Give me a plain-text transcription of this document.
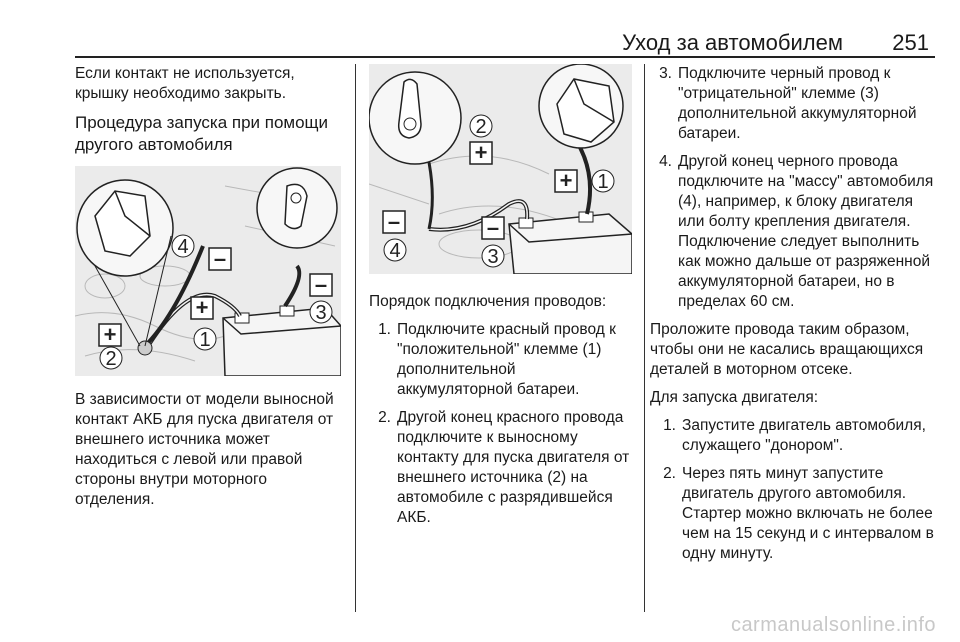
Уход за автомобилем 251

Если контакт не используется, крышку необходимо закрыть.

Процедура запуска при помощи другого автомобиля
4
3
2
1
–
–
+
+

В зависимости от модели выносной контакт АКБ для пуска двигателя от внешнего источника может находиться с левой или правой стороны внутри моторного отделения.

2
1
4	3
+
+
–	–

Порядок подключения проводов:

1. Подключите красный провод к "положительной" клемме (1) дополнительной аккумуляторной батареи.
2. Другой конец красного провода подключите к выносному контакту для пуска двигателя от внешнего источника (2) на автомобиле с разрядившейся АКБ.
3. Подключите черный провод к "отрицательной" клемме (3) дополнительной аккумуляторной батареи.
4. Другой конец черного провода подключите на "массу" автомобиля (4), например, к блоку двигателя или болту крепления двигателя. Подключение следует выполнить как можно дальше от разряженной аккумуляторной батареи, но в пределах 60 см.

Проложите провода таким образом, чтобы они не касались вращающихся деталей в моторном отсеке.

Для запуска двигателя:

1. Запустите двигатель автомобиля, служащего "донором".
2. Через пять минут запустите двигатель другого автомобиля. Стартер можно включать не более чем на 15 секунд и с интервалом в одну минуту.
carmanualsonline.info
